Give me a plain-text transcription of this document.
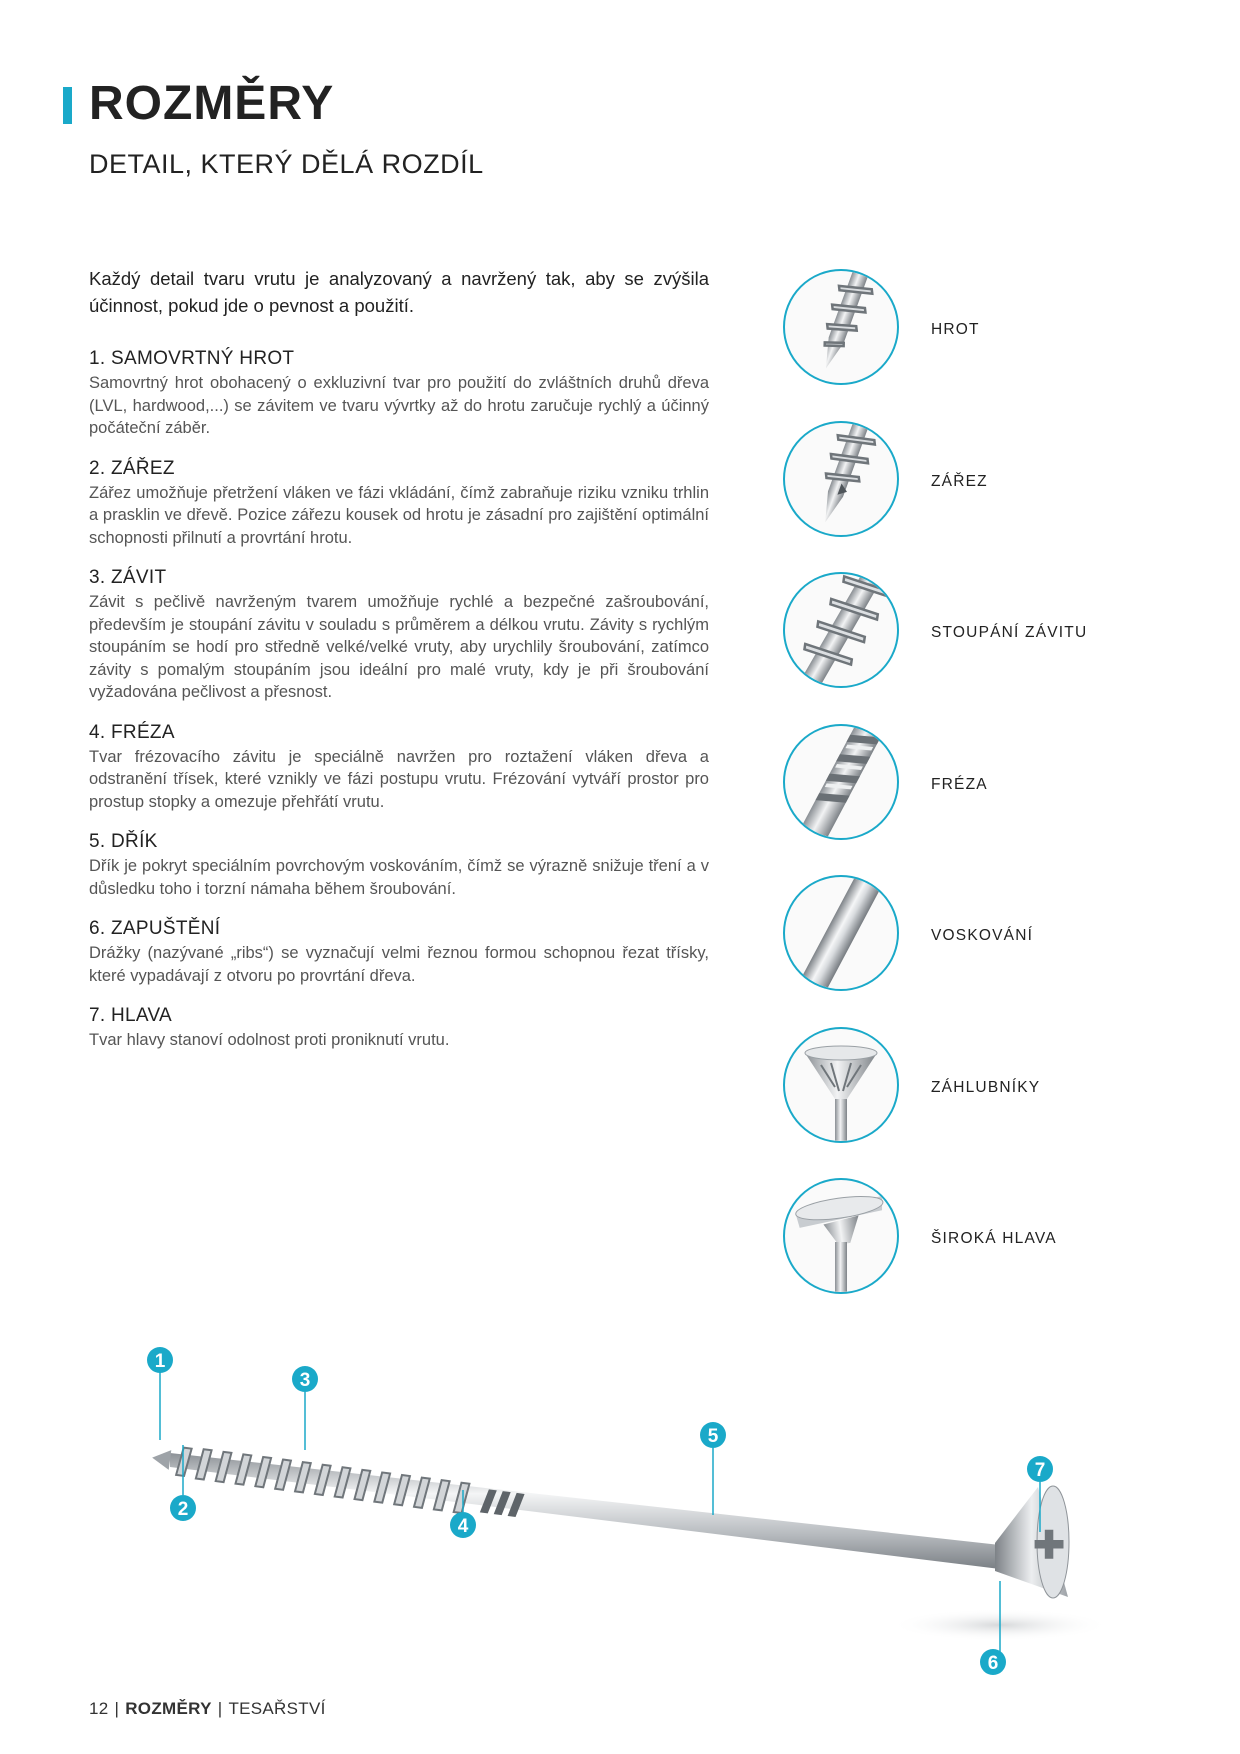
ROZMĚRY
DETAIL, KTERÝ DĚLÁ ROZDÍL

Každý detail tvaru vrutu je analyzovaný a navržený tak, aby se zvýšila účinnost, pokud jde o pevnost a použití.

1. SAMOVRTNÝ HROT

Samovrtný hrot obohacený o exkluzivní tvar pro použití do zvláštních druhů dřeva (LVL, hardwood,...) se závitem ve tvaru vývrtky až do hrotu zaručuje rychlý a účinný počáteční záběr.

2. ZÁŘEZ

Zářez umožňuje přetržení vláken ve fázi vkládání, čímž zabraňuje riziku vzniku trhlin a prasklin ve dřevě. Pozice zářezu kousek od hrotu je zásadní pro zajištění optimální schopnosti přilnutí a provrtání hrotu.

3. ZÁVIT

Závit s pečlivě navrženým tvarem umožňuje rychlé a bezpečné zašroubování, především je stoupání závitu v souladu s průměrem a délkou vrutu. Závity s rychlým stoupáním se hodí pro středně velké/velké vruty, aby urychlily šroubování, zatímco závity s pomalým stoupáním jsou ideální pro malé vruty, kdy je při šroubování vyžadována pečlivost a přesnost.

4. FRÉZA

Tvar frézovacího závitu je speciálně navržen pro roztažení vláken dřeva a odstranění třísek, které vznikly ve fázi postupu vrutu. Frézování vytváří prostor pro prostup stopky a omezuje přehřátí vrutu.

5. DŘÍK

Dřík je pokryt speciálním povrchovým voskováním, čímž se výrazně snižuje tření a v důsledku toho i torzní námaha během šroubování.

6. ZAPUŠTĚNÍ

Drážky (nazývané „ribs“) se vyznačují velmi řeznou formou schopnou řezat třísky, které vypadávají z otvoru po provrtání dřeva.

7. HLAVA

Tvar hlavy stanoví odolnost proti proniknutí vrutu.

HROT
ZÁŘEZ
STOUPÁNÍ ZÁVITU
FRÉZA
VOSKOVÁNÍ
ZÁHLUBNÍKY
ŠIROKÁ HLAVA
1
2
3
4
5
6
7
12 | ROZMĚRY | TESAŘSTVÍ
